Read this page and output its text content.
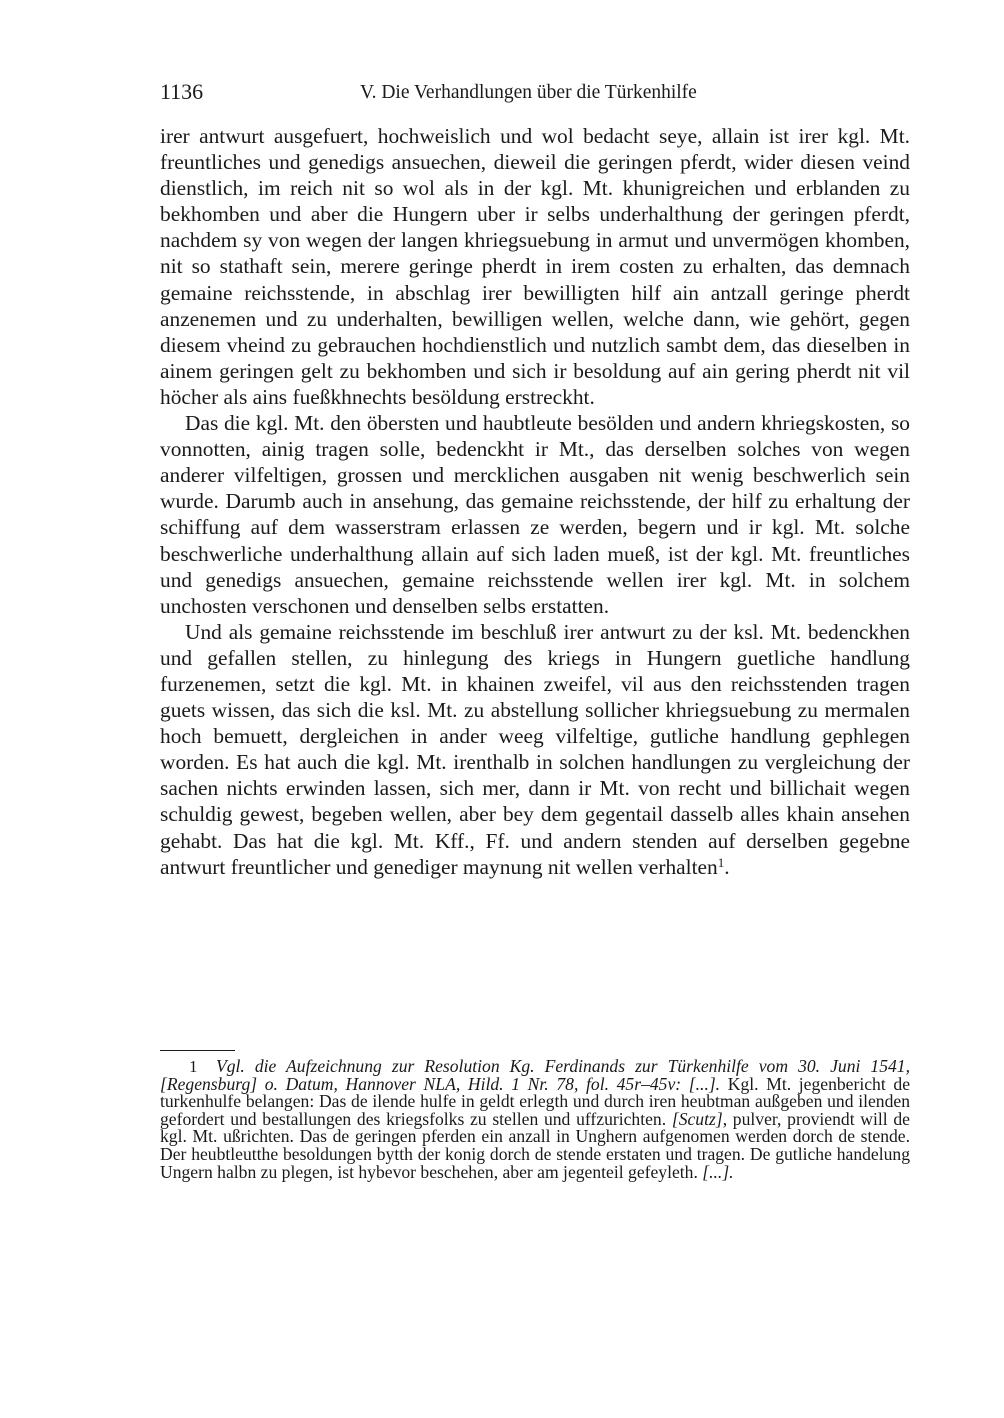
1136	V. Die Verhandlungen über die Türkenhilfe

irer antwurt ausgefuert, hochweislich und wol bedacht seye, allain ist irer kgl. Mt. freuntliches und genedigs ansuechen, dieweil die geringen pferdt, wider diesen veind dienstlich, im reich nit so wol als in der kgl. Mt. khunigreichen und erblanden zu bekhomben und aber die Hungern uber ir selbs underhalthung der geringen pferdt, nachdem sy von wegen der langen khriegsuebung in armut und unvermögen khomben, nit so stathaft sein, merere geringe pherdt in irem costen zu erhalten, das demnach gemaine reichsstende, in abschlag irer bewilligten hilf ain antzall geringe pherdt anzenemen und zu underhalten, bewilligen wellen, welche dann, wie gehört, gegen diesem vheind zu gebrauchen hochdienstlich und nutzlich sambt dem, das dieselben in ainem geringen gelt zu bekhomben und sich ir besoldung auf ain gering pherdt nit vil höcher als ains fueßkhnechts besöldung erstreckht.

Das die kgl. Mt. den öbersten und haubtleute besölden und andern khriegskosten, so vonnotten, ainig tragen solle, bedenckht ir Mt., das derselben solches von wegen anderer vilfeltigen, grossen und mercklichen ausgaben nit wenig beschwerlich sein wurde. Darumb auch in ansehung, das gemaine reichsstende, der hilf zu erhaltung der schiffung auf dem wasserstram erlassen ze werden, begern und ir kgl. Mt. solche beschwerliche underhalthung allain auf sich laden mueß, ist der kgl. Mt. freuntliches und genedigs ansuechen, gemaine reichsstende wellen irer kgl. Mt. in solchem unchosten verschonen und denselben selbs erstatten.

Und als gemaine reichsstende im beschluß irer antwurt zu der ksl. Mt. bedenckhen und gefallen stellen, zu hinlegung des kriegs in Hungern guetliche handlung furzenemen, setzt die kgl. Mt. in khainen zweifel, vil aus den reichsstenden tragen guets wissen, das sich die ksl. Mt. zu abstellung sollicher khriegsuebung zu mermalen hoch bemuett, dergleichen in ander weeg vilfeltige, gutliche handlung gephlegen worden. Es hat auch die kgl. Mt. irenthalb in solchen handlungen zu vergleichung der sachen nichts erwinden lassen, sich mer, dann ir Mt. von recht und billichait wegen schuldig gewest, begeben wellen, aber bey dem gegentail dasselb alles khain ansehen gehabt. Das hat die kgl. Mt. Kff., Ff. und andern stenden auf derselben gegebne antwurt freuntlicher und genediger maynung nit wellen verhalten$^1$.

1 Vgl. die Aufzeichnung zur Resolution Kg. Ferdinands zur Türkenhilfe vom 30. Juni 1541, [Regensburg] o. Datum, Hannover NLA, Hild. 1 Nr. 78, fol. 45r–45v: [...]. Kgl. Mt. jegenbericht de turkenhulfe belangen: Das de ilende hulfe in geldt erlegth und durch iren heubtman außgeben und ilenden gefordert und bestallungen des kriegsfolks zu stellen und uffzurichten. [Scutz], pulver, proviendt will de kgl. Mt. ußrichten. Das de geringen pferden ein anzall in Unghern aufgenomen werden dorch de stende. Der heubtleutthe besoldungen bytth der konig dorch de stende erstaten und tragen. De gutliche handelung Ungern halbn zu plegen, ist hybevor beschehen, aber am jegenteil gefeyleth. [...].
